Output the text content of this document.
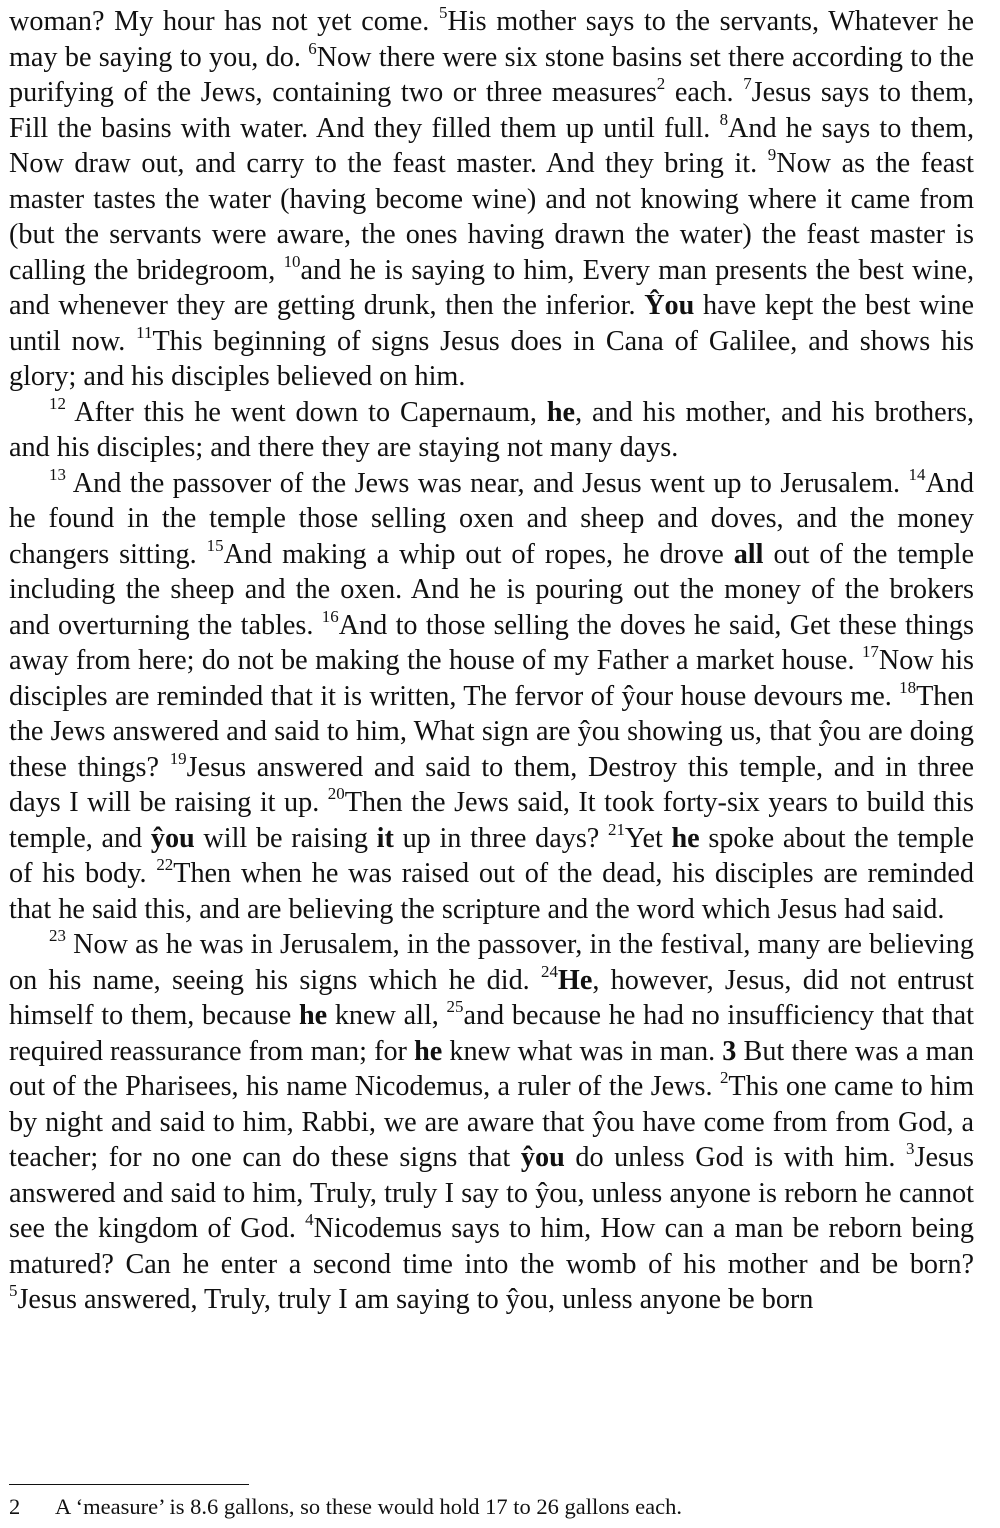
woman? My hour has not yet come. $^5$His mother says to the servants, Whatever he may be saying to you, do. $^6$Now there were six stone basins set there according to the purifying of the Jews, containing two or three measures$^2$ each. $^7$Jesus says to them, Fill the basins with water. And they filled them up until full. $^8$And he says to them, Now draw out, and carry to the feast master. And they bring it. $^9$Now as the feast master tastes the water (having become wine) and not knowing where it came from (but the servants were aware, the ones having drawn the water) the feast master is calling the bridegroom, $^{10}$and he is saying to him, Every man presents the best wine, and whenever they are getting drunk, then the inferior. Ŷou have kept the best wine until now. $^{11}$This beginning of signs Jesus does in Cana of Galilee, and shows his glory; and his disciples believed on him.

$^{12}$ After this he went down to Capernaum, he, and his mother, and his brothers, and his disciples; and there they are staying not many days.

$^{13}$ And the passover of the Jews was near, and Jesus went up to Jerusalem. $^{14}$And he found in the temple those selling oxen and sheep and doves, and the money changers sitting. $^{15}$And making a whip out of ropes, he drove all out of the temple including the sheep and the oxen. And he is pouring out the money of the brokers and overturning the tables. $^{16}$And to those selling the doves he said, Get these things away from here; do not be making the house of my Father a market house. $^{17}$Now his disciples are reminded that it is written, The fervor of ŷour house devours me. $^{18}$Then the Jews answered and said to him, What sign are ŷou showing us, that ŷou are doing these things? $^{19}$Jesus answered and said to them, Destroy this temple, and in three days I will be raising it up. $^{20}$Then the Jews said, It took forty-six years to build this temple, and ŷou will be raising it up in three days? $^{21}$Yet he spoke about the temple of his body. $^{22}$Then when he was raised out of the dead, his disciples are reminded that he said this, and are believing the scripture and the word which Jesus had said.

$^{23}$ Now as he was in Jerusalem, in the passover, in the festival, many are believing on his name, seeing his signs which he did. $^{24}$He, however, Jesus, did not entrust himself to them, because he knew all, $^{25}$and because he had no insufficiency that that required reassurance from man; for he knew what was in man. 3 But there was a man out of the Pharisees, his name Nicodemus, a ruler of the Jews. $^2$This one came to him by night and said to him, Rabbi, we are aware that ŷou have come from from God, a teacher; for no one can do these signs that ŷou do unless God is with him. $^3$Jesus answered and said to him, Truly, truly I say to ŷou, unless anyone is reborn he cannot see the kingdom of God. $^4$Nicodemus says to him, How can a man be reborn being matured? Can he enter a second time into the womb of his mother and be born? $^5$Jesus answered, Truly, truly I am saying to ŷou, unless anyone be born

2 A ‘measure’ is 8.6 gallons, so these would hold 17 to 26 gallons each.
